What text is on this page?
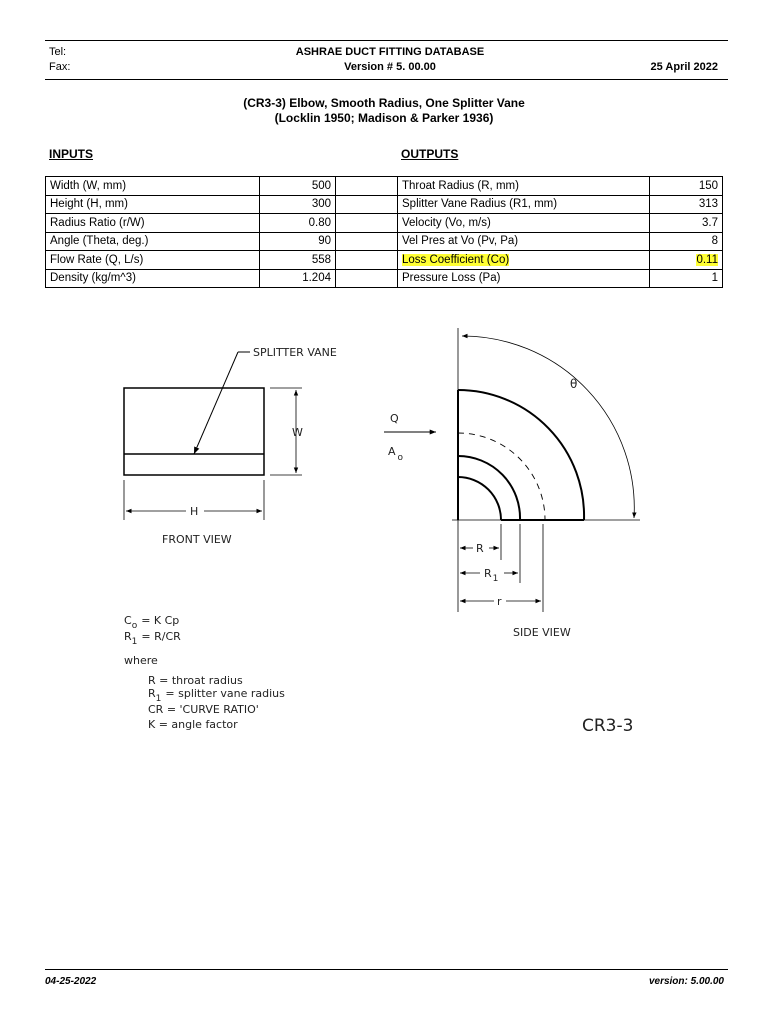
Tel:
Fax:
ASHRAE DUCT FITTING DATABASE
Version # 5. 00.00	25 April 2022
(CR3-3) Elbow, Smooth Radius, One Splitter Vane
(Locklin 1950; Madison & Parker 1936)
INPUTS	OUTPUTS
Width (W, mm)	500	
Height (H, mm)	300	
Radius Ratio (r/W)	0.80	
Angle (Theta, deg.)	90	
Flow Rate (Q, L/s)	558	
Density (kg/m^3)	1.204	
Throat Radius (R, mm)	150
Splitter Vane Radius (R1, mm)	313
Velocity (Vo, m/s)	3.7
Vel Pres at Vo (Pv, Pa)	8
Loss Coefficient (Co)	0.11
Pressure Loss (Pa)	1
SPLITTER VANE
W
H
FRONT VIEW
θ
Q
A $_o$
R
$R_1$
r
SIDE VIEW
$C_o = K$ Cp
$R_1 = R/CR$
where
R = throat radius
$R_1$ = splitter vane radius
CR = 'CURVE RATIO'
K = angle factor	CR3-3
04-25-2022	version: 5.00.00
